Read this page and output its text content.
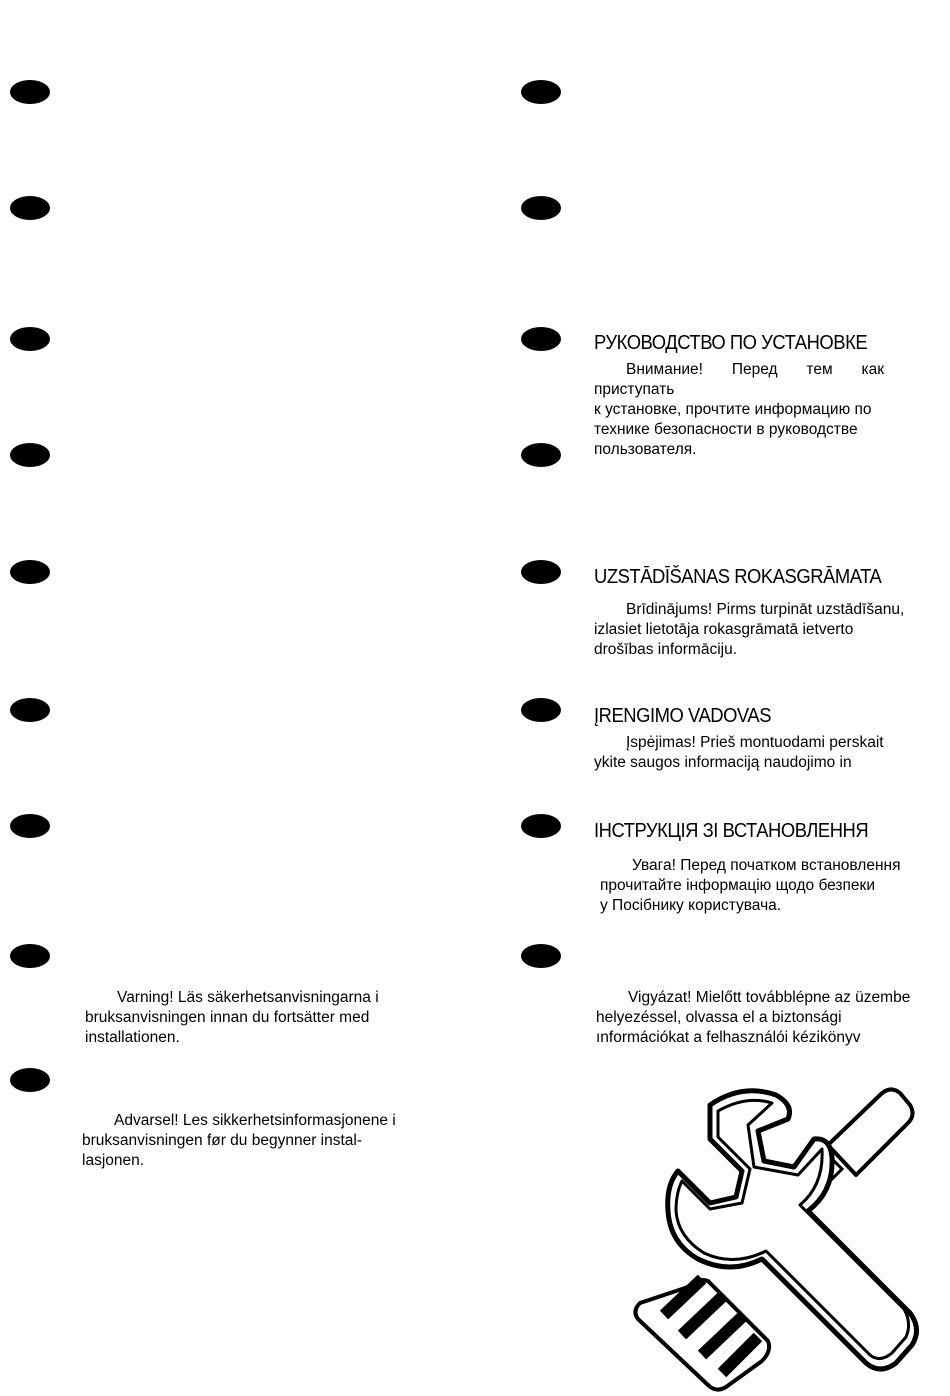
РУКОВОДСТВО ПО УСТАНОВКЕ
Внимание! Перед тем как приступать
к установке, прочтите информацию по
технике безопасности в руководстве
пользователя.
UZSTĀDĪŠANAS ROKASGRĀMATA
Brīdinājums! Pirms turpināt uzstādīšanu,
izlasiet lietotāja rokasgrāmatā ietverto
drošības informāciju.
ĮRENGIMO VADOVAS
Įspėjimas! Prieš montuodami perskait
ykite saugos informaciją naudojimo in
ІНСТРУКЦІЯ ЗІ ВСТАНОВЛЕННЯ
Увага! Перед початком встановлення
прочитайте інформацію щодо безпеки
у Посібнику користувача.
Varning! Läs säkerhetsanvisningarna i
bruksanvisningen innan du fortsätter med
installationen.
Vigyázat! Mielőtt továbblépne az üzembe
helyezéssel, olvassa el a biztonsági
ınformációkat a felhasználói kézikönyv
Advarsel! Les sikkerhetsinformasjonene i
bruksanvisningen før du begynner instal-
lasjonen.
